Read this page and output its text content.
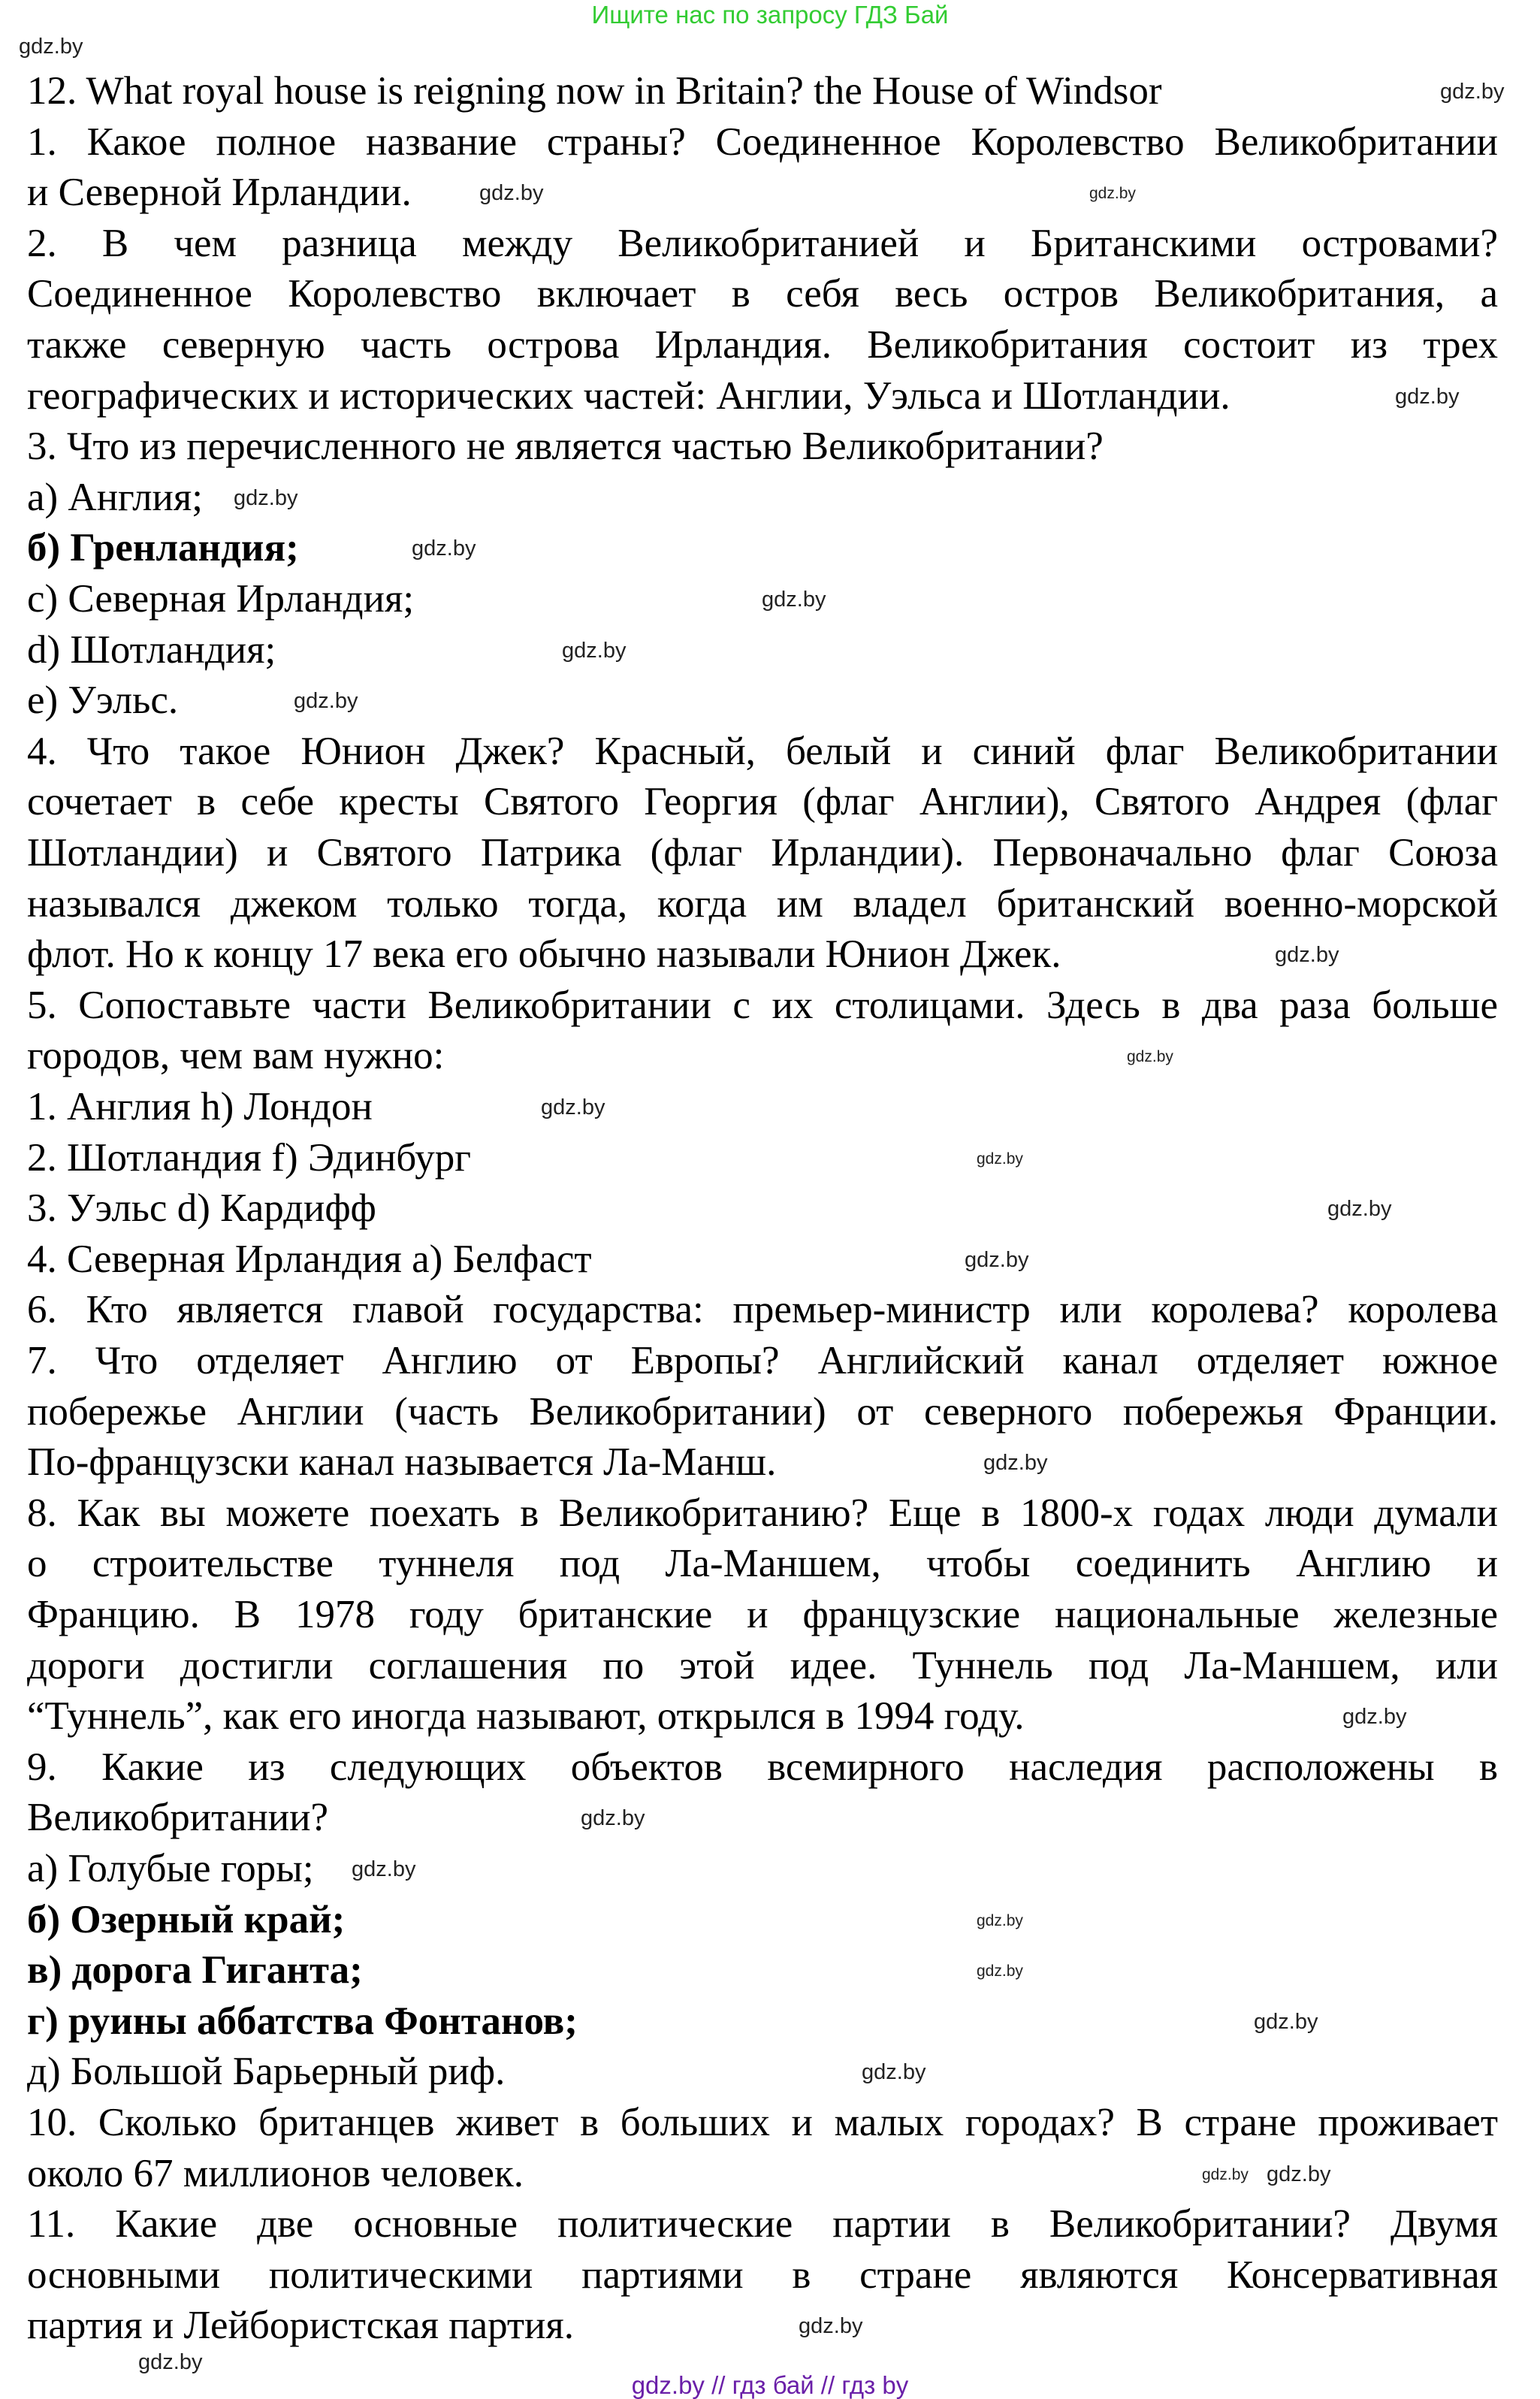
Ищите нас по запросу ГДЗ Бай
12. What royal house is reigning now in Britain? the House of Windsor
1. Какое полное название страны? Соединенное Королевство Великобритании
и Северной Ирландии.
2. В чем разница между Великобританией и Британскими островами?
Соединенное Королевство включает в себя весь остров Великобритания, а
также северную часть острова Ирландия. Великобритания состоит из трех
географических и исторических частей: Англии, Уэльса и Шотландии.
3. Что из перечисленного не является частью Великобритании?
а) Англия;
б) Гренландия;
с) Северная Ирландия;
d) Шотландия;
е) Уэльс.
4. Что такое Юнион Джек? Красный, белый и синий флаг Великобритании
сочетает в себе кресты Святого Георгия (флаг Англии), Святого Андрея (флаг
Шотландии) и Святого Патрика (флаг Ирландии). Первоначально флаг Союза
назывался джеком только тогда, когда им владел британский военно-морской
флот. Но к концу 17 века его обычно называли Юнион Джек.
5. Сопоставьте части Великобритании с их столицами. Здесь в два раза больше
городов, чем вам нужно:
1. Англия h) Лондон
2. Шотландия f) Эдинбург
3. Уэльс d) Кардифф
4. Северная Ирландия а) Белфаст
6. Кто является главой государства: премьер-министр или королева? королева
7. Что отделяет Англию от Европы? Английский канал отделяет южное
побережье Англии (часть Великобритании) от северного побережья Франции.
По-французски канал называется Ла-Манш.
8. Как вы можете поехать в Великобританию? Еще в 1800-х годах люди думали
о строительстве туннеля под Ла-Маншем, чтобы соединить Англию и
Францию. В 1978 году британские и французские национальные железные
дороги достигли соглашения по этой идее. Туннель под Ла-Маншем, или
“Туннель”, как его иногда называют, открылся в 1994 году.
9. Какие из следующих объектов всемирного наследия расположены в
Великобритании?
а) Голубые горы;
б) Озерный край;
в) дорога Гиганта;
г) руины аббатства Фонтанов;
д) Большой Барьерный риф.
10. Сколько британцев живет в больших и малых городах? В стране проживает
около 67 миллионов человек.
11. Какие две основные политические партии в Великобритании? Двумя
основными политическими партиями в стране являются Консервативная
партия и Лейбористская партия.
gdz.by
gdz.by
gdz.by	gdz.by
gdz.by
gdz.by
gdz.by
gdz.by
gdz.by
gdz.by
gdz.by
gdz.by
gdz.by
gdz.by
gdz.by
gdz.by
gdz.by
gdz.by
gdz.by
gdz.by
gdz.by
gdz.by
gdz.by
gdz.by
gdz.by
gdz.by
gdz.by
gdz.by
gdz.by // гдз бай // гдз by
